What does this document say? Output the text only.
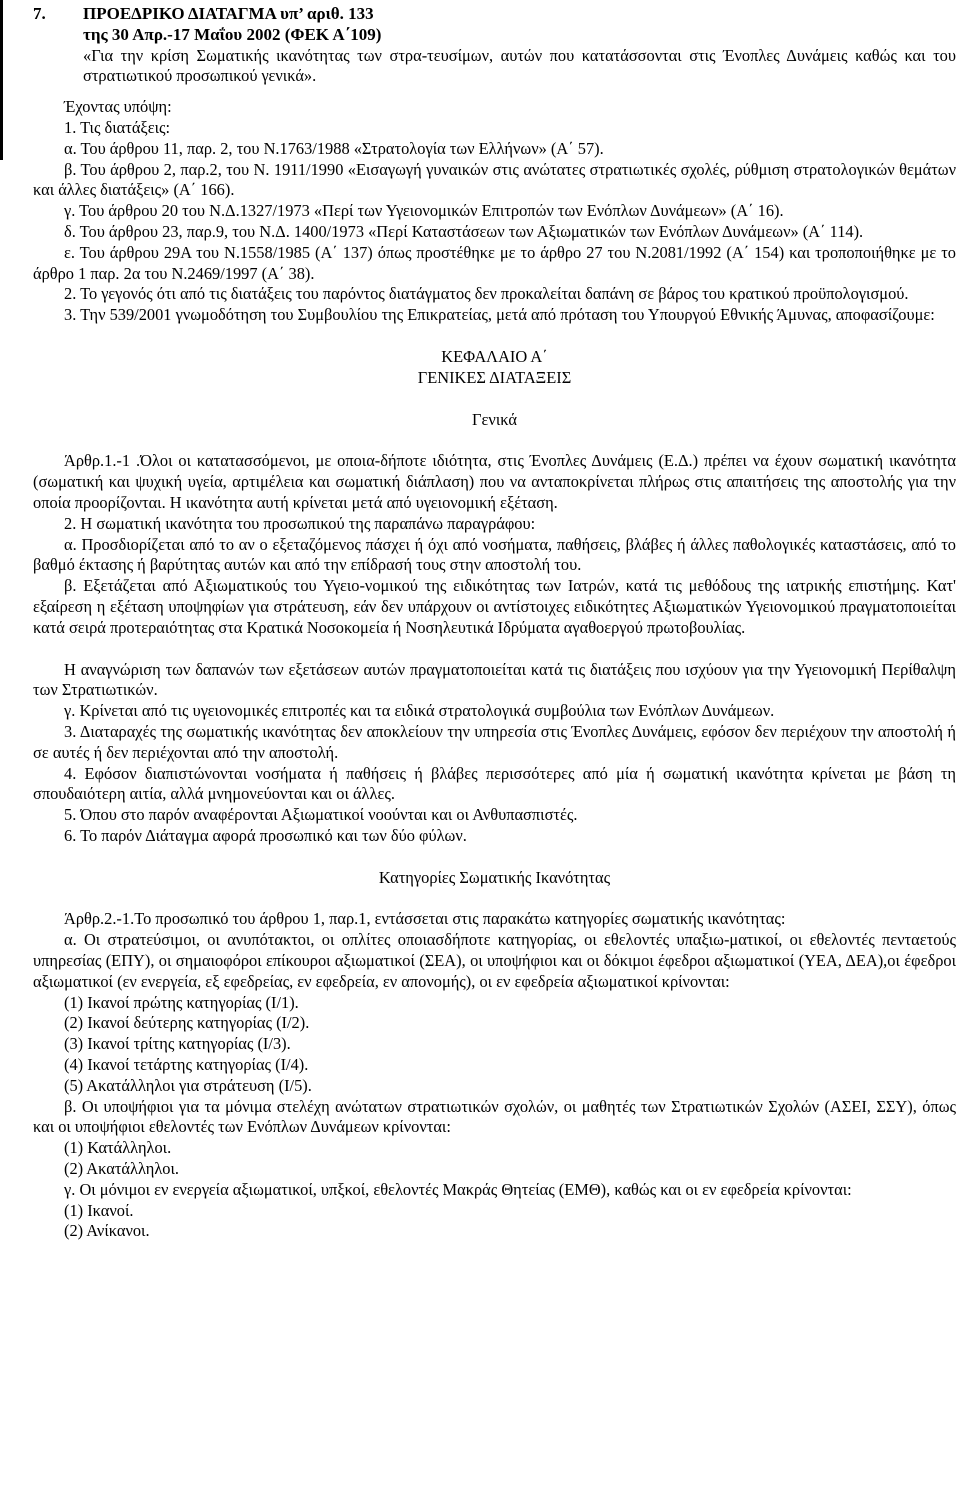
7. ΠΡΟΕΔΡΙΚΟ ΔΙΑΤΑΓΜΑ υπ’ αριθ. 133

της 30 Απρ.-17 Μαΐου 2002 (ΦΕΚ Α΄109)

«Για την κρίση Σωματικής ικανότητας των στρα-τευσίμων, αυτών που κατατάσσονται στις Ένοπλες Δυνάμεις καθώς και του στρατιωτικού προσωπικού γενικά».

Έχοντας υπόψη:

1. Τις διατάξεις:

α. Του άρθρου 11, παρ. 2, του Ν.1763/1988 «Στρατολογία των Ελλήνων» (Α΄ 57).

β. Του άρθρου 2, παρ.2, του Ν. 1911/1990 «Εισαγωγή γυναικών στις ανώτατες στρατιωτικές σχολές, ρύθμιση στρατολογικών θεμάτων και άλλες διατάξεις» (Α΄ 166).

γ. Του άρθρου 20 του Ν.Δ.1327/1973 «Περί των Υγειονομικών Επιτροπών των Ενόπλων Δυνάμεων» (Α΄ 16).

δ. Του άρθρου 23, παρ.9, του Ν.Δ. 1400/1973 «Περί Καταστάσεων των Αξιωματικών των Ενόπλων Δυνάμεων» (Α΄ 114).

ε. Του άρθρου 29Α του Ν.1558/1985 (Α΄ 137) όπως προστέθηκε με το άρθρο 27 του Ν.2081/1992 (Α΄ 154) και τροποποιήθηκε με το άρθρο 1 παρ. 2α του Ν.2469/1997 (Α΄ 38).

2. Το γεγονός ότι από τις διατάξεις του παρόντος διατάγματος δεν προκαλείται δαπάνη σε βάρος του κρατικού προϋπολογισμού.

3. Την 539/2001 γνωμοδότηση του Συμβουλίου της Επικρατείας, μετά από πρόταση του Υπουργού Εθνικής Άμυνας, αποφασίζουμε:

ΚΕΦΑΛΑΙΟ Α΄

ΓΕΝΙΚΕΣ ΔΙΑΤΑΞΕΙΣ

Γενικά

Άρθρ.1.-1 .Όλοι οι κατατασσόμενοι, με οποια-δήποτε ιδιότητα, στις Ένοπλες Δυνάμεις (Ε.Δ.) πρέπει να έχουν σωματική ικανότητα (σωματική και ψυχική υγεία, αρτιμέλεια και σωματική διάπλαση) που να ανταποκρίνεται πλήρως στις απαιτήσεις της αποστολής για την οποία προορίζονται. Η ικανότητα αυτή κρίνεται μετά από υγειονομική εξέταση.

2. Η σωματική ικανότητα του προσωπικού της παραπάνω παραγράφου:

α. Προσδιορίζεται από το αν ο εξεταζόμενος πάσχει ή όχι από νοσήματα, παθήσεις, βλάβες ή άλλες παθολογικές καταστάσεις, από το βαθμό έκτασης ή βαρύτητας αυτών και από την επίδρασή τους στην αποστολή του.

β. Εξετάζεται από Αξιωματικούς του Υγειο-νομικού της ειδικότητας των Ιατρών, κατά τις μεθόδους της ιατρικής επιστήμης. Κατ' εξαίρεση η εξέταση υποψηφίων για στράτευση, εάν δεν υπάρχουν οι αντίστοιχες ειδικότητες Αξιωματικών Υγειονομικού πραγματοποιείται κατά σειρά προτεραιότητας στα Κρατικά Νοσοκομεία ή Νοσηλευτικά Ιδρύματα αγαθοεργού πρωτοβουλίας.

Η αναγνώριση των δαπανών των εξετάσεων αυτών πραγματοποιείται κατά τις διατάξεις που ισχύουν για την Υγειονομική Περίθαλψη των Στρατιωτικών.

γ. Κρίνεται από τις υγειονομικές επιτροπές και τα ειδικά στρατολογικά συμβούλια των Ενόπλων Δυνάμεων.

3. Διαταραχές της σωματικής ικανότητας δεν αποκλείουν την υπηρεσία στις Ένοπλες Δυνάμεις, εφόσον δεν περιέχουν την αποστολή ή σε αυτές ή δεν περιέχονται από την αποστολή.

4. Εφόσον διαπιστώνονται νοσήματα ή παθήσεις ή βλάβες περισσότερες από μία ή σωματική ικανότητα κρίνεται με βάση τη σπουδαιότερη αιτία, αλλά μνημονεύονται και οι άλλες.

5. Όπου στο παρόν αναφέρονται Αξιωματικοί νοούνται και οι Ανθυπασπιστές.

6. Το παρόν Διάταγμα αφορά προσωπικό και των δύο φύλων.

Κατηγορίες Σωματικής Ικανότητας

Άρθρ.2.-1.Το προσωπικό του άρθρου 1, παρ.1, εντάσσεται στις παρακάτω κατηγορίες σωματικής ικανότητας:

α. Οι στρατεύσιμοι, οι ανυπότακτοι, οι οπλίτες οποιασδήποτε κατηγορίας, οι εθελοντές υπαξιω-ματικοί, οι εθελοντές πενταετούς υπηρεσίας (ΕΠΥ), οι σημαιοφόροι επίκουροι αξιωματικοί (ΣΕΑ), οι υποψήφιοι και οι δόκιμοι έφεδροι αξιωματικοί (ΥΕΑ, ΔΕΑ),οι έφεδροι αξιωματικοί (εν ενεργεία, εξ εφεδρείας, εν εφεδρεία, εν απονομής), οι εν εφεδρεία αξιωματικοί κρίνονται:

(1) Ικανοί πρώτης κατηγορίας (Ι/1).

(2) Ικανοί δεύτερης κατηγορίας (Ι/2).

(3) Ικανοί τρίτης κατηγορίας (Ι/3).

(4) Ικανοί τετάρτης κατηγορίας (Ι/4).

(5) Ακατάλληλοι για στράτευση (Ι/5).

β. Οι υποψήφιοι για τα μόνιμα στελέχη ανώτατων στρατιωτικών σχολών, οι μαθητές των Στρατιωτικών Σχολών (ΑΣΕΙ, ΣΣΥ), όπως και οι υποψήφιοι εθελοντές των Ενόπλων Δυνάμεων κρίνονται:

(1) Κατάλληλοι.

(2) Ακατάλληλοι.

γ. Οι μόνιμοι εν ενεργεία αξιωματικοί, υπξκοί, εθελοντές Μακράς Θητείας (ΕΜΘ), καθώς και οι εν εφεδρεία κρίνονται:

(1) Ικανοί.

(2) Ανίκανοι.
